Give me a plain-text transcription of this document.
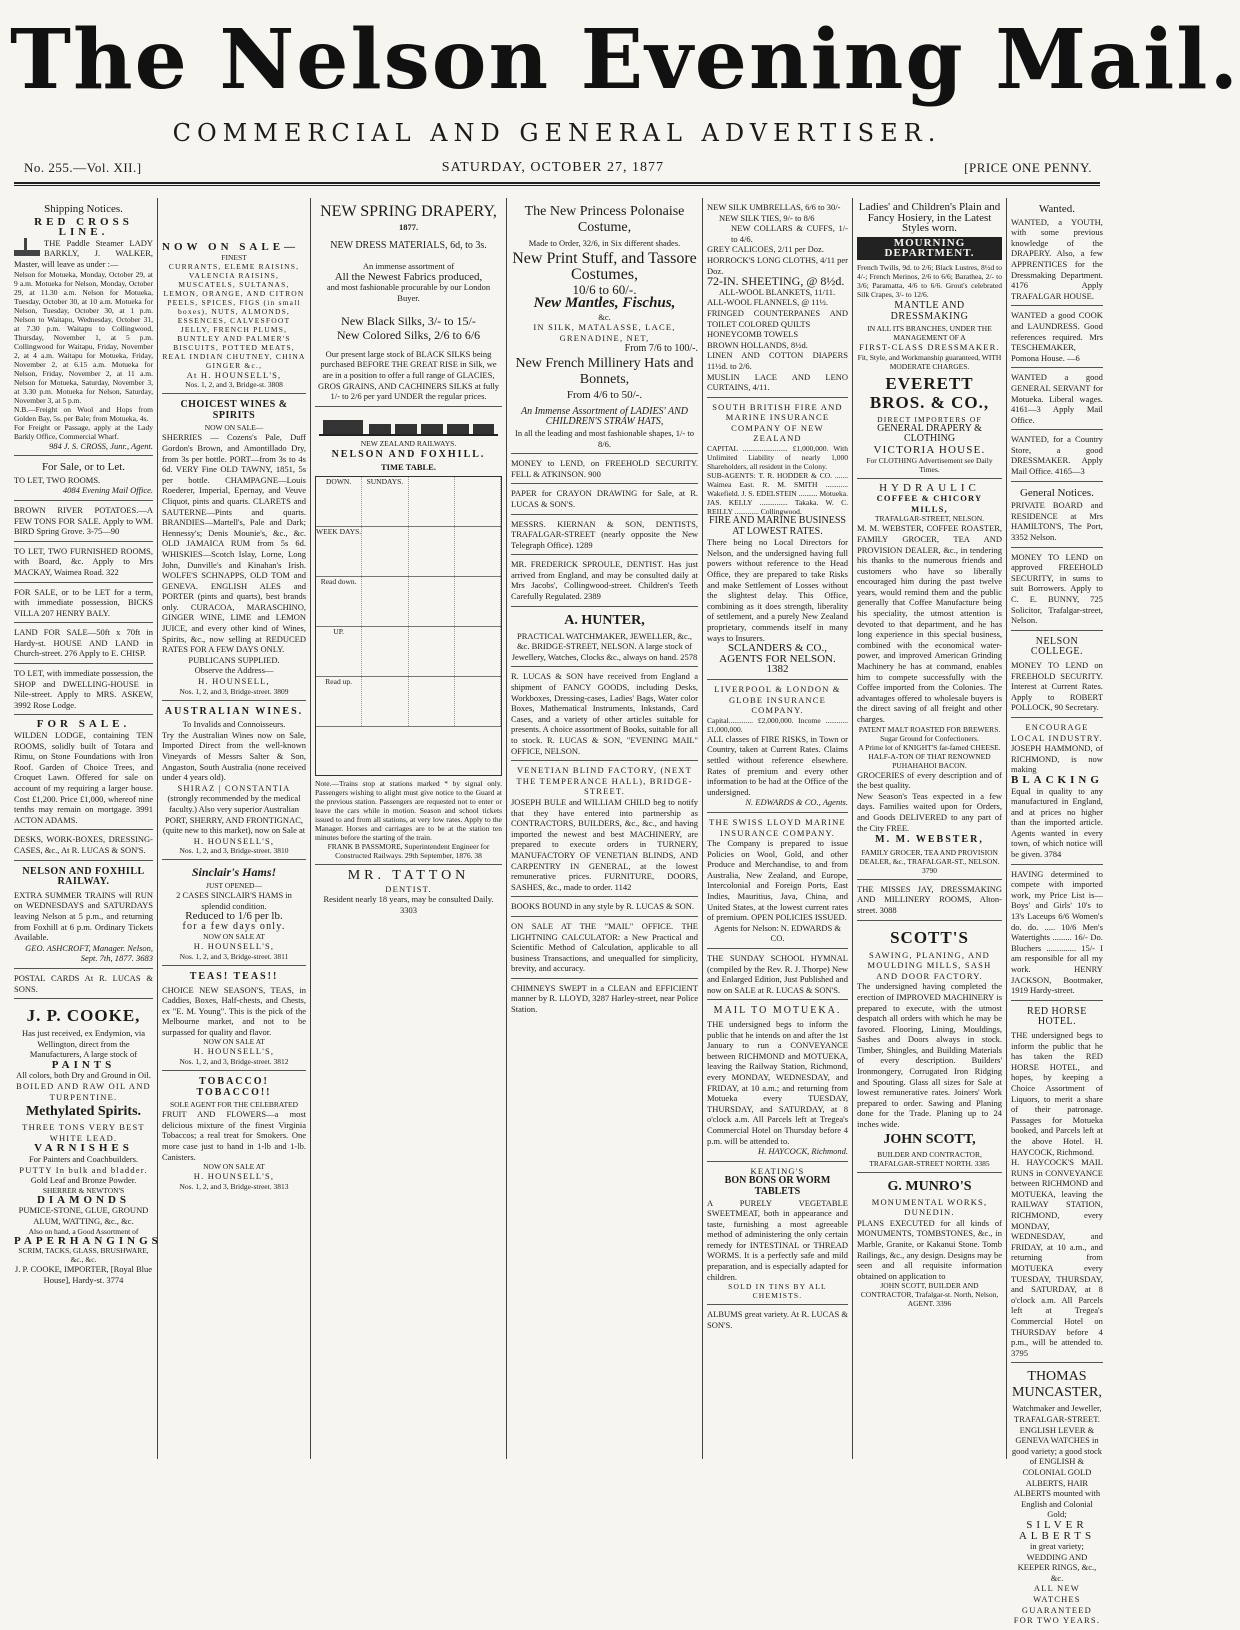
The Nelson Evening Mail.
COMMERCIAL AND GENERAL ADVERTISER.
No. 255.—Vol. XII.]	SATURDAY, OCTOBER 27, 1877	[PRICE ONE PENNY.
Shipping Notices.
RED CROSS LINE.
THE Paddle Steamer LADY BARKLY, J. WALKER, Master, will leave as under :—
Nelson for Motueka, Monday, October 29, at 9 a.m. Motueka for Nelson, Monday, October 29, at 11.30 a.m. Nelson for Motueka, Tuesday, October 30, at 10 a.m. Motueka for Nelson, Tuesday, October 30, at 1 p.m. Nelson to Waitapu, Wednesday, October 31, at 7.30 p.m. Waitapu to Collingwood, Thursday, November 1, at 5 p.m. Collingwood for Waitapu, Friday, November 2, at 4 a.m. Waitapu for Motueka, Friday, November 2, at 6.15 a.m. Motueka for Nelson, Friday, November 2, at 11 a.m. Nelson for Motueka, Saturday, November 3, at 3.30 p.m. Motueka for Nelson, Saturday, November 3, at 5 p.m.
N.B.—Freight on Wool and Hops from Golden Bay, 5s. per Bale; from Motueka, 4s.
For Freight or Passage, apply at the Lady Barkly Office, Commercial Wharf.
984 J. S. CROSS, Junr., Agent.
For Sale, or to Let.
TO LET, TWO ROOMS.
4084 Evening Mail Office.
BROWN RIVER POTATOES.—A FEW TONS FOR SALE. Apply to WM. BIRD Spring Grove. 3-75—90
TO LET, TWO FURNISHED ROOMS, with Board, &c. Apply to Mrs MACKAY, Waimea Road. 322
FOR SALE, or to be LET for a term, with immediate possession, BICKS VILLA 207 HENRY BALY.
LAND FOR SALE—50ft x 70ft in Hardy-st. HOUSE AND LAND in Church-street. 276 Apply to E. CHISP.
TO LET, with immediate possession, the SHOP and DWELLING-HOUSE in Nile-street. Apply to MRS. ASKEW, 3992 Rose Lodge.
FOR SALE.
WILDEN LODGE, containing TEN ROOMS, solidly built of Totara and Rimu, on Stone Foundations with Iron Roof. Garden of Choice Trees, and Croquet Lawn. Offered for sale on account of my requiring a larger house. Cost £1,200. Price £1,000, whereof nine tenths may remain on mortgage. 3991 ACTON ADAMS.
DESKS, WORK-BOXES, DRESSING-CASES, &c., At R. LUCAS & SON'S.
NELSON AND FOXHILL RAILWAY.
EXTRA SUMMER TRAINS will RUN on WEDNESDAYS and SATURDAYS leaving Nelson at 5 p.m., and returning from Foxhill at 6 p.m. Ordinary Tickets Available.
GEO. ASHCROFT, Manager. Nelson, Sept. 7th, 1877. 3683
POSTAL CARDS At R. LUCAS & SONS.
J. P. COOKE,
Has just received, ex Endymion, via Wellington, direct from the Manufacturers, A large stock of
PAINTS
All colors, both Dry and Ground in Oil.
BOILED AND RAW OIL AND TURPENTINE.
Methylated Spirits.
THREE TONS VERY BEST WHITE LEAD.
VARNISHES
For Painters and Coachbuilders.
PUTTY In bulk and bladder.
Gold Leaf and Bronze Powder.
SHERRER & NEWTON'S
DIAMONDS
PUMICE-STONE, GLUE, GROUND ALUM, WATTING, &c., &c.
Also on hand, a Good Assortment of
PAPERHANGINGS
SCRIM, TACKS, GLASS, BRUSHWARE, &c., &c.
J. P. COOKE, IMPORTER, [Royal Blue House], Hardy-st. 3774
NOW ON SALE—
FINEST
CURRANTS, ELEME RAISINS, VALENCIA RAISINS, MUSCATELS, SULTANAS, LEMON, ORANGE, AND CITRON PEELS, SPICES, FIGS (in small boxes), NUTS, ALMONDS, ESSENCES, CALVESFOOT JELLY, FRENCH PLUMS, BUNTLEY AND PALMER'S BISCUITS, POTTED MEATS, REAL INDIAN CHUTNEY, CHINA GINGER &c.,
At H. HOUNSELL'S,
Nos. 1, 2, and 3, Bridge-st. 3808
CHOICEST WINES & SPIRITS
NOW ON SALE—
SHERRIES — Cozens's Pale, Duff Gordon's Brown, and Amontillado Dry, from 3s per bottle. PORT—from 3s to 4s 6d. VERY Fine OLD TAWNY, 1851, 5s per bottle. CHAMPAGNE—Louis Roederer, Imperial, Epernay, and Veuve Cliquot, pints and quarts. CLARETS and SAUTERNE—Pints and quarts. BRANDIES—Martell's, Pale and Dark; Hennessy's; Denis Mounie's, &c., &c. OLD JAMAICA RUM from 5s 6d. WHISKIES—Scotch Islay, Lorne, Long John, Dunville's and Kinahan's Irish. WOLFE'S SCHNAPPS, OLD TOM and GENEVA. ENGLISH ALES and PORTER (pints and quarts), best brands only. CURACOA, MARASCHINO, GINGER WINE, LIME and LEMON JUICE, and every other kind of Wines, Spirits, &c., now selling at REDUCED RATES FOR A FEW DAYS ONLY.
PUBLICANS SUPPLIED.
Observe the Address—
H. HOUNSELL,
Nos. 1, 2, and 3, Bridge-street. 3809
AUSTRALIAN WINES.
To Invalids and Connoisseurs.
Try the Australian Wines now on Sale, Imported Direct from the well-known Vineyards of Messrs Salter & Son, Angaston, South Australia (none received under 4 years old).
SHIRAZ | CONSTANTIA
(strongly recommended by the medical faculty.) Also very superior Australian PORT, SHERRY, AND FRONTIGNAC, (quite new to this market), now on Sale at
H. HOUNSELL'S,
Nos. 1, 2, and 3, Bridge-street. 3810
Sinclair's Hams!
JUST OPENED—
2 CASES SINCLAIR'S HAMS in splendid condition.
Reduced to 1/6 per lb.
for a few days only.
NOW ON SALE AT
H. HOUNSELL'S,
Nos. 1, 2, and 3, Bridge-street. 3811
TEAS! TEAS!!
CHOICE NEW SEASON'S, TEAS, in Caddies, Boxes, Half-chests, and Chests, ex "E. M. Young". This is the pick of the Melbourne market, and not to be surpassed for quality and flavor.
NOW ON SALE AT
H. HOUNSELL'S,
Nos. 1, 2, and 3, Bridge-street. 3812
TOBACCO! TOBACCO!!
SOLE AGENT FOR THE CELEBRATED
FRUIT AND FLOWERS—a most delicious mixture of the finest Virginia Tobaccos; a real treat for Smokers. One more case just to hand in 1-lb and 1-lb. Canisters.
NOW ON SALE AT
H. HOUNSELL'S,
Nos. 1, 2, and 3, Bridge-street. 3813
NEW SPRING DRAPERY,
1877.
NEW DRESS MATERIALS, 6d, to 3s.
An immense assortment of
All the Newest Fabrics produced,
and most fashionable procurable by our London Buyer.
New Black Silks, 3/- to 15/-
New Colored Silks, 2/6 to 6/6
Our present large stock of BLACK SILKS being purchased BEFORE THE GREAT RISE in Silk, we are in a position to offer a full range of GLACIES, GROS GRAINS, AND CACHINERS SILKS at fully 1/- to 2/6 per yard UNDER the regular prices.
NEW ZEALAND RAILWAYS.
NELSON AND FOXHILL.
TIME TABLE.
DOWN.	SUNDAYS.
WEEK DAYS.
Read down.
UP.
Read up.
Note.—Trains stop at stations marked * by signal only. Passengers wishing to alight must give notice to the Guard at the previous station. Passengers are requested not to enter or leave the cars while in motion. Season and school tickets issued to and from all stations, at very low rates. Apply to the Manager. Horses and carriages are to be at the station ten minutes before the starting of the train.
FRANK B PASSMORE, Superintendent Engineer for Constructed Railways. 29th September, 1876. 38
MR. TATTON
DENTIST.
Resident nearly 18 years, may be consulted Daily. 3303
The New Princess Polonaise Costume,
Made to Order, 32/6, in Six different shades.
New Print Stuff, and Tassore Costumes,
10/6 to 60/-.
New Mantles, Fischus,
&c.
IN SILK, MATALASSE, LACE, GRENADINE, NET,
From 7/6 to 100/-.
New French Millinery Hats and Bonnets,
From 4/6 to 50/-.
An Immense Assortment of LADIES' AND CHILDREN'S STRAW HATS,
In all the leading and most fashionable shapes, 1/- to 8/6.
MONEY to LEND, on FREEHOLD SECURITY. FELL & ATKINSON. 900
PAPER for CRAYON DRAWING for Sale, at R. LUCAS & SON'S.
MESSRS. KIERNAN & SON, DENTISTS, TRAFALGAR-STREET (nearly opposite the New Telegraph Office). 1289
MR. FREDERICK SPROULE, DENTIST. Has just arrived from England, and may be consulted daily at Mrs Jacobs', Collingwood-street. Children's Teeth Carefully Regulated. 2389
A. HUNTER,
PRACTICAL WATCHMAKER, JEWELLER, &c., &c. BRIDGE-STREET, NELSON. A large stock of Jewellery, Watches, Clocks &c., always on hand. 2578
R. LUCAS & SON have received from England a shipment of FANCY GOODS, including Desks, Workboxes, Dressing-cases, Ladies' Bags, Water color Boxes, Mathematical Instruments, Inkstands, Card Cases, and a variety of other articles suitable for presents. A choice assortment of Books, suitable for all to stock. R. LUCAS & SON, "EVENING MAIL" OFFICE, NELSON.
VENETIAN BLIND FACTORY, (NEXT THE TEMPERANCE HALL), BRIDGE-STREET.
JOSEPH BULE and WILLIAM CHILD beg to notify that they have entered into partnership as CONTRACTORS, BUILDERS, &c., &c., and having imported the newest and best MACHINERY, are prepared to execute orders in TURNERY, MANUFACTORY OF VENETIAN BLINDS, AND CARPENTRY IN GENERAL, at the lowest remunerative prices. FURNITURE, DOORS, SASHES, &c., made to order. 1142
BOOKS BOUND in any style by R. LUCAS & SON.
ON SALE AT THE "MAIL" OFFICE. THE LIGHTNING CALCULATOR: a New Practical and Scientific Method of Calculation, applicable to all business Transactions, and unequalled for simplicity, brevity, and accuracy.
CHIMNEYS SWEPT in a CLEAN and EFFICIENT manner by R. LLOYD, 3287 Harley-street, near Police Station.
NEW SILK UMBRELLAS, 6/6 to 30/-
NEW SILK TIES, 9/- to 8/6
NEW COLLARS & CUFFS, 1/- to 4/6.
GREY CALICOES, 2/11 per Doz.
HORROCK'S LONG CLOTHS, 4/11 per Doz.
72-IN. SHEETING, @ 8½d.
ALL-WOOL BLANKETS, 11/11.
ALL-WOOL FLANNELS, @ 11½.
FRINGED COUNTERPANES AND TOILET COLORED QUILTS
HONEYCOMB TOWELS
BROWN HOLLANDS, 8½d.
LINEN AND COTTON DIAPERS 11½d. to 2/6.
MUSLIN LACE AND LENO CURTAINS, 4/11.
SOUTH BRITISH FIRE AND MARINE INSURANCE COMPANY OF NEW ZEALAND
CAPITAL ........................ £1,000,000. With Unlimited Liability of nearly 1,000 Shareholders, all resident in the Colony.
SUB-AGENTS: T. R. HODDER & CO. ....... Waimea East. R. M. SMITH ............ Wakefield. J. S. EDELSTEIN .......... Motueka. JAS. KELLY ............... Takaka. W. C. REILLY ............. Collingwood.
FIRE AND MARINE BUSINESS AT LOWEST RATES.
There being no Local Directors for Nelson, and the undersigned having full powers without reference to the Head Office, they are prepared to take Risks and make Settlement of Losses without the slightest delay. This Office, combining as it does strength, liberality of settlement, and a purely New Zealand proprietary, commends itself in many ways to Insurers.
SCLANDERS & CO., AGENTS FOR NELSON. 1382
LIVERPOOL & LONDON & GLOBE INSURANCE COMPANY.
Capital............. £2,000,000. Income ............ £1,000,000.
ALL classes of FIRE RISKS, in Town or Country, taken at Current Rates. Claims settled without reference elsewhere. Rates of premium and every other information to be had at the Office of the undersigned.
N. EDWARDS & CO., Agents.
THE SWISS LLOYD MARINE INSURANCE COMPANY.
The Company is prepared to issue Policies on Wool, Gold, and other Produce and Merchandise, to and from Australia, New Zealand, and Europe, Intercolonial and Foreign Ports, East Indies, Mauritius, Java, China, and United States, at the lowest current rates of premium. OPEN POLICIES ISSUED.
Agents for Nelson: N. EDWARDS & CO.
THE SUNDAY SCHOOL HYMNAL (compiled by the Rev. R. J. Thorpe) New and Enlarged Edition, Just Published and now on SALE at R. LUCAS & SON'S.
MAIL TO MOTUEKA.
THE undersigned begs to inform the public that he intends on and after the 1st January to run a CONVEYANCE between RICHMOND and MOTUEKA, leaving the Railway Station, Richmond, every MONDAY, WEDNESDAY, and FRIDAY, at 10 a.m.; and returning from Motueka every TUESDAY, THURSDAY, and SATURDAY, at 8 o'clock a.m. All Parcels left at Tregea's Commercial Hotel on Thursday before 4 p.m. will be attended to.
H. HAYCOCK, Richmond.
KEATING'S
BON BONS OR WORM TABLETS
A PURELY VEGETABLE SWEETMEAT, both in appearance and taste, furnishing a most agreeable method of administering the only certain remedy for INTESTINAL or THREAD WORMS. It is a perfectly safe and mild preparation, and is especially adapted for children.
SOLD IN TINS BY ALL CHEMISTS.
ALBUMS great variety. At R. LUCAS & SON'S.
Ladies' and Children's Plain and Fancy Hosiery, in the Latest Styles worn.
MOURNING DEPARTMENT.
French Twills, 9d. to 2/6; Black Lustres, 8½d to 4/-; French Merinos, 2/6 to 6/6; Barathea, 2/- to 3/6; Paramatta, 4/6 to 6/6. Grout's celebrated Silk Crapes, 3/- to 12/6.
MANTLE AND DRESSMAKING
IN ALL ITS BRANCHES, UNDER THE MANAGEMENT OF A
FIRST-CLASS DRESSMAKER.
Fit, Style, and Workmanship guaranteed, WITH MODERATE CHARGES.
EVERETT BROS. & CO.,
DIRECT IMPORTERS OF
GENERAL DRAPERY & CLOTHING
VICTORIA HOUSE.
For CLOTHING Advertisement see Daily Times.
HYDRAULIC
COFFEE & CHICORY MILLS,
TRAFALGAR-STREET, NELSON.
M. M. WEBSTER, COFFEE ROASTER, FAMILY GROCER, TEA AND PROVISION DEALER, &c., in tendering his thanks to the numerous friends and customers who have so liberally encouraged him during the past twelve years, would remind them and the public generally that Coffee Manufacture being his speciality, the utmost attention is devoted to that department, and he has long experience in this special business, combined with the economical water-power, and improved American Grinding Machinery he has at command, enables him to compete successfully with the Coffee imported from the Colonies. The advantages offered to wholesale buyers is the direct saving of all freight and other charges.
PATENT MALT ROASTED FOR BREWERS. Sugar Ground for Confectioners.
A Prime lot of KNIGHT'S far-famed CHEESE.
HALF-A-TON OF THAT RENOWNED PUHAHAHOI BACON.
GROCERIES of every description and of the best quality.
New Season's Teas expected in a few days. Families waited upon for Orders, and Goods DELIVERED to any part of the City FREE.
M. M. WEBSTER,
FAMILY GROCER, TEA AND PROVISION DEALER, &c., TRAFALGAR-ST., NELSON. 3790
THE MISSES JAY, DRESSMAKING AND MILLINERY ROOMS, Alton-street. 3088
SCOTT'S
SAWING, PLANING, AND MOULDING MILLS, SASH AND DOOR FACTORY.
The undersigned having completed the erection of IMPROVED MACHINERY is prepared to execute, with the utmost despatch all orders with which he may be favored. Flooring, Lining, Mouldings, Sashes and Doors always in stock. Timber, Shingles, and Building Materials of every description. Builders' Ironmongery, Corrugated Iron Ridging and Spouting. Glass all sizes for Sale at lowest remunerative rates. Joiners' Work prepared to order. Sawing and Planing done for the Trade. Planing up to 24 inches wide.
JOHN SCOTT,
BUILDER AND CONTRACTOR, TRAFALGAR-STREET NORTH. 3385
G. MUNRO'S
MONUMENTAL WORKS, DUNEDIN.
PLANS EXECUTED for all kinds of MONUMENTS, TOMBSTONES, &c., in Marble, Granite, or Kakanui Stone. Tomb Railings, &c., any design. Designs may be seen and all requisite information obtained on application to
JOHN SCOTT, BUILDER AND CONTRACTOR, Trafalgar-st. North, Nelson, AGENT. 3396
Wanted.
WANTED, a YOUTH, with some previous knowledge of the DRAPERY. Also, a few APPRENTICES for the Dressmaking Department. 4176 Apply TRAFALGAR HOUSE.
WANTED a good COOK and LAUNDRESS. Good references required. Mrs TESCHEMAKER, Pomona House. —6
WANTED a good GENERAL SERVANT for Motueka. Liberal wages. 4161—3 Apply Mail Office.
WANTED, for a Country Store, a good DRESSMAKER. Apply Mail Office. 4165—3
General Notices.
PRIVATE BOARD and RESIDENCE at Mrs HAMILTON'S, The Port, 3352 Nelson.
MONEY TO LEND on approved FREEHOLD SECURITY, in sums to suit Borrowers. Apply to C. E. BUNNY, 725 Solicitor, Trafalgar-street, Nelson.
NELSON COLLEGE.
MONEY TO LEND on FREEHOLD SECURITY. Interest at Current Rates. Apply to ROBERT POLLOCK, 90 Secretary.
ENCOURAGE LOCAL INDUSTRY.
JOSEPH HAMMOND, of RICHMOND, is now making
BLACKING
Equal in quality to any manufactured in England, and at prices no higher than the imported article. Agents wanted in every town, of which notice will be given. 3784
HAVING determined to compete with imported work, my Price List is— Boys' and Girls' 10's to 13's Laceups 6/6 Women's do. do. ..... 10/6 Men's Watertights ......... 16/- Do. Bluchers .............. 15/- I am responsible for all my work. HENRY JACKSON, Bootmaker, 1919 Hardy-street.
RED HORSE HOTEL.
THE undersigned begs to inform the public that he has taken the RED HORSE HOTEL, and hopes, by keeping a Choice Assortment of Liquors, to merit a share of their patronage. Passages for Motueka booked, and Parcels left at the above Hotel. H. HAYCOCK, Richmond.
H. HAYCOCK'S MAIL RUNS in CONVEYANCE between RICHMOND and MOTUEKA, leaving the RAILWAY STATION, RICHMOND, every MONDAY, WEDNESDAY, and FRIDAY, at 10 a.m., and returning from MOTUEKA every TUESDAY, THURSDAY, and SATURDAY, at 8 o'clock a.m. All Parcels left at Tregea's Commercial Hotel on THURSDAY before 4 p.m., will be attended to. 3795
THOMAS MUNCASTER,
Watchmaker and Jeweller, TRAFALGAR-STREET.
ENGLISH LEVER & GENEVA WATCHES in good variety; a good stock of ENGLISH & COLONIAL GOLD ALBERTS, HAIR ALBERTS mounted with English and Colonial Gold;
SILVER ALBERTS
in great variety; WEDDING AND KEEPER RINGS, &c., &c.
ALL NEW WATCHES GUARANTEED FOR TWO YEARS.
